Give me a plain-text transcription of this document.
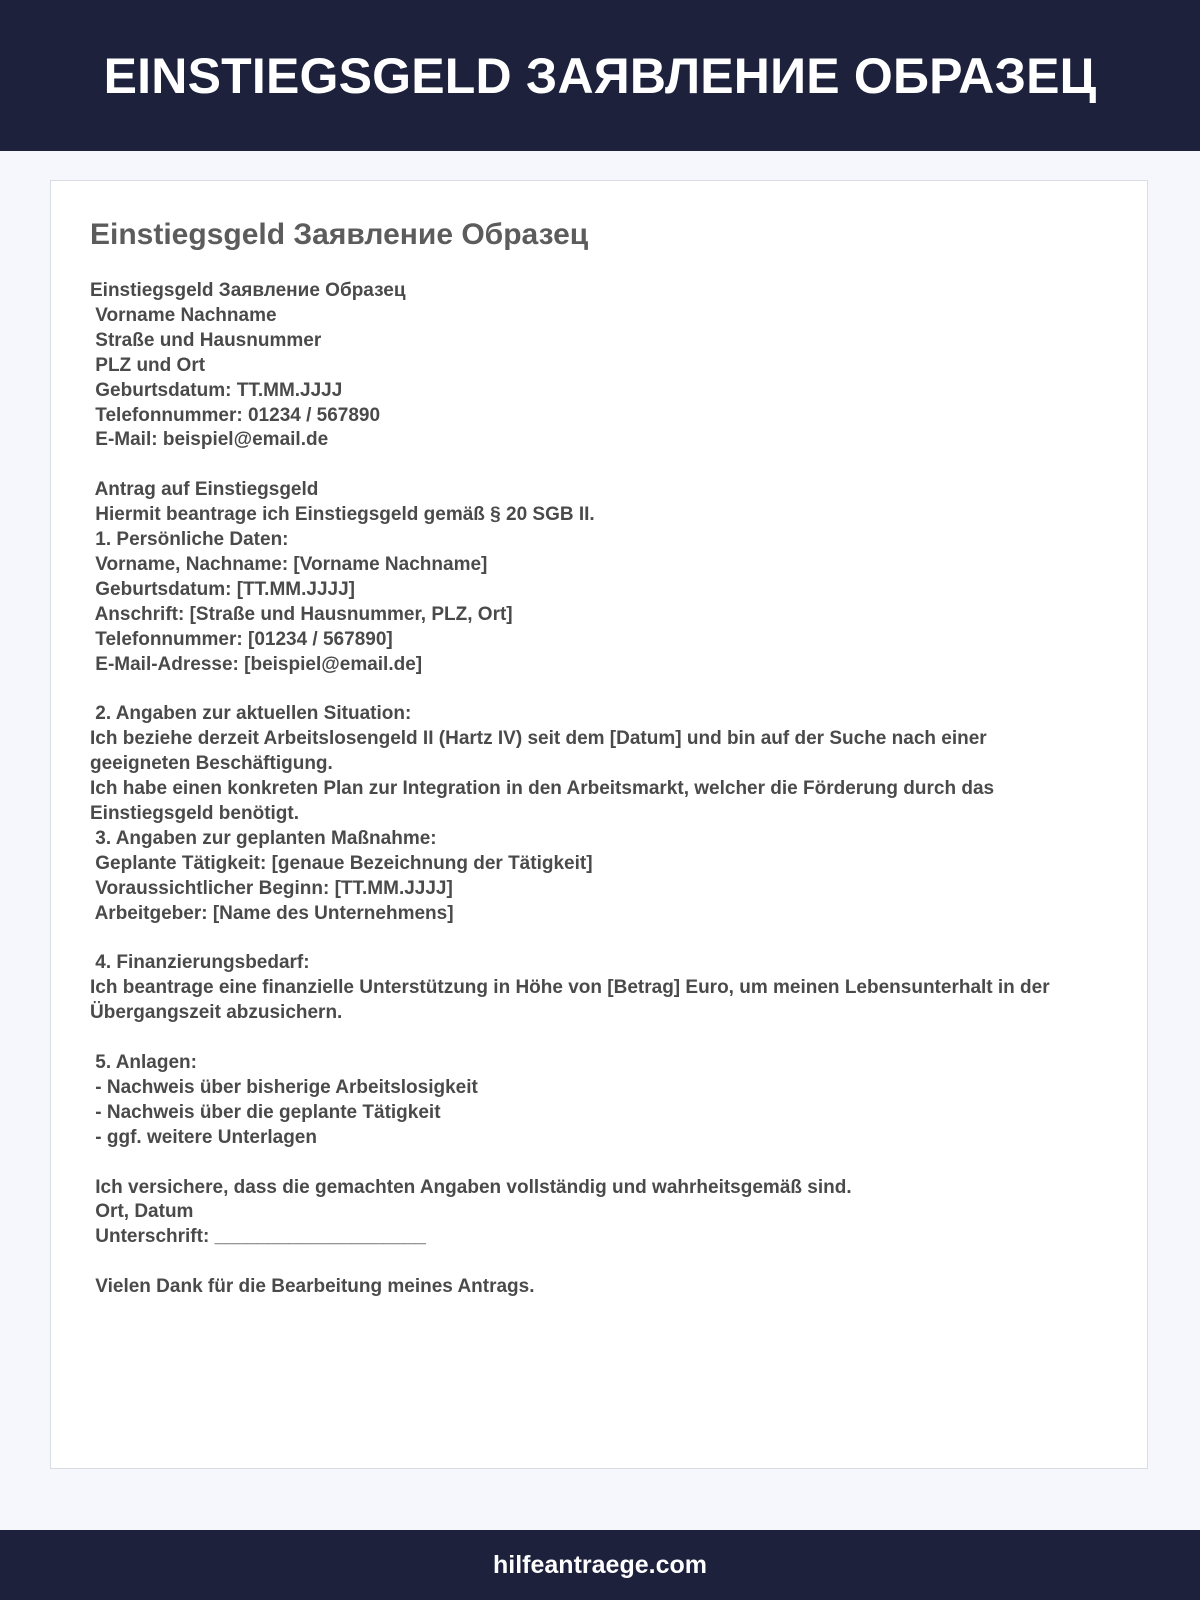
EINSTIEGSGELD ЗАЯВЛЕНИЕ ОБРАЗЕЦ
Einstiegsgeld Заявление Образец
Einstiegsgeld Заявление Образец
Vorname Nachname
Straße und Hausnummer
PLZ und Ort
Geburtsdatum: TT.MM.JJJJ
Telefonnummer: 01234 / 567890
E-Mail: beispiel@email.de
Antrag auf Einstiegsgeld
Hiermit beantrage ich Einstiegsgeld gemäß § 20 SGB II.
1. Persönliche Daten:
Vorname, Nachname: [Vorname Nachname]
Geburtsdatum: [TT.MM.JJJJ]
Anschrift: [Straße und Hausnummer, PLZ, Ort]
Telefonnummer: [01234 / 567890]
E-Mail-Adresse: [beispiel@email.de]
2. Angaben zur aktuellen Situation:
Ich beziehe derzeit Arbeitslosengeld II (Hartz IV) seit dem [Datum] und bin auf der Suche nach einer geeigneten Beschäftigung.
Ich habe einen konkreten Plan zur Integration in den Arbeitsmarkt, welcher die Förderung durch das Einstiegsgeld benötigt.
3. Angaben zur geplanten Maßnahme:
Geplante Tätigkeit: [genaue Bezeichnung der Tätigkeit]
Voraussichtlicher Beginn: [TT.MM.JJJJ]
Arbeitgeber: [Name des Unternehmens]
4. Finanzierungsbedarf:
Ich beantrage eine finanzielle Unterstützung in Höhe von [Betrag] Euro, um meinen Lebensunterhalt in der Übergangszeit abzusichern.
5. Anlagen:
- Nachweis über bisherige Arbeitslosigkeit
- Nachweis über die geplante Tätigkeit
- ggf. weitere Unterlagen
Ich versichere, dass die gemachten Angaben vollständig und wahrheitsgemäß sind.
Ort, Datum
Unterschrift: ____________________
Vielen Dank für die Bearbeitung meines Antrags.
hilfeantraege.com
